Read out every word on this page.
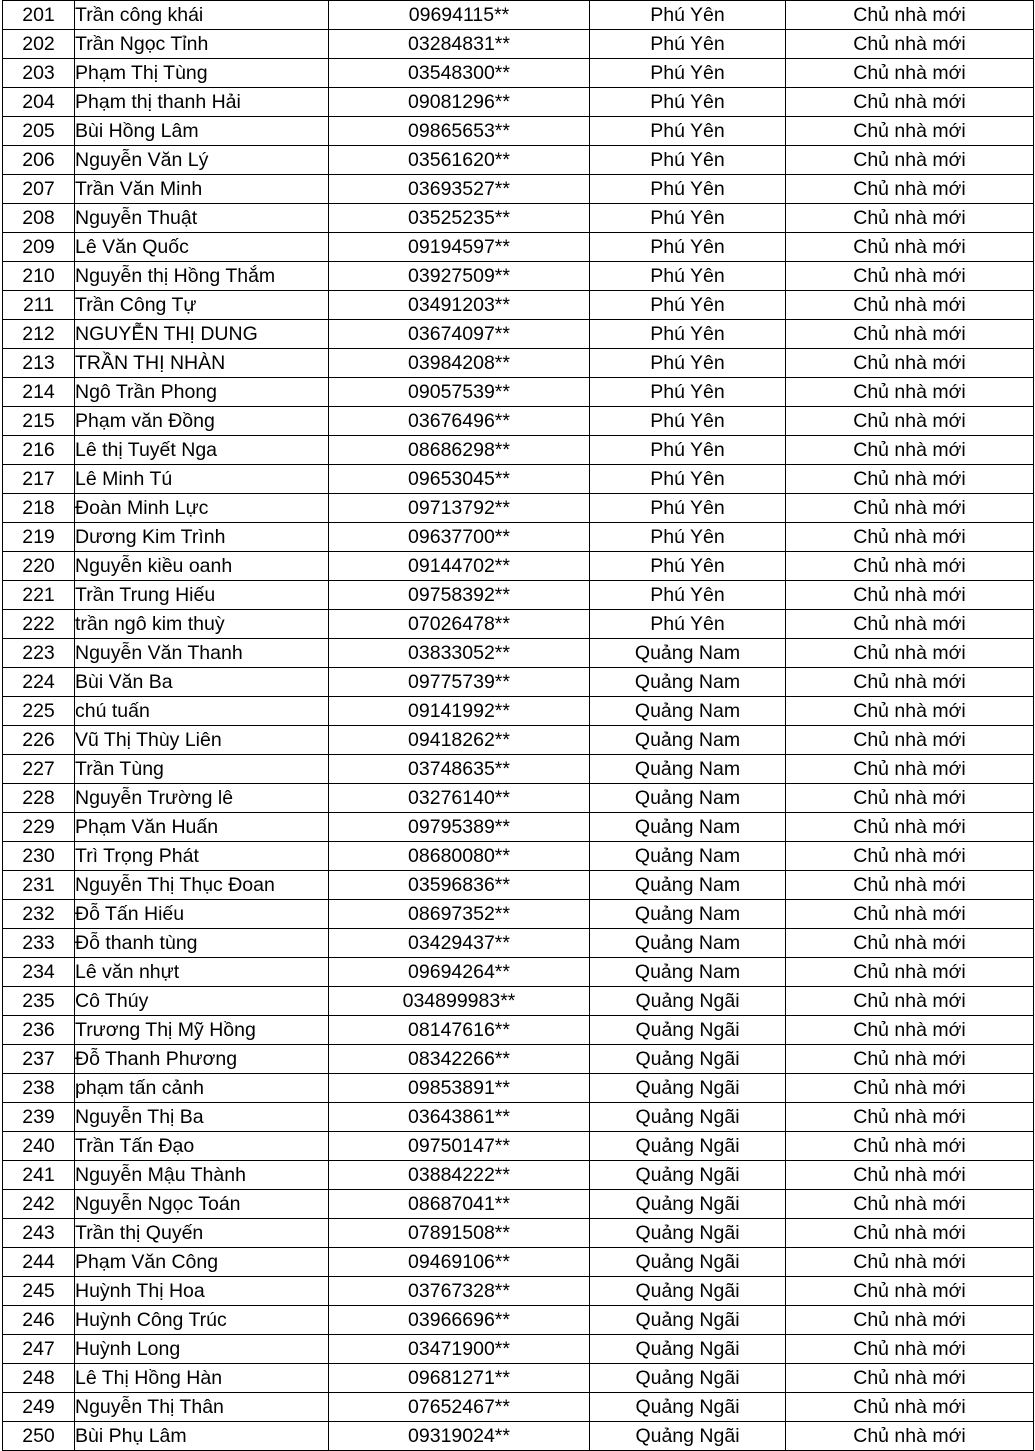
201	Trần công khái	09694115**	Phú Yên	Chủ nhà mới
202	Trần Ngọc Tỉnh	03284831**	Phú Yên	Chủ nhà mới
203	Phạm Thị Tùng	03548300**	Phú Yên	Chủ nhà mới
204	Phạm thị thanh Hải	09081296**	Phú Yên	Chủ nhà mới
205	Bùi Hồng Lâm	09865653**	Phú Yên	Chủ nhà mới
206	Nguyễn Văn Lý	03561620**	Phú Yên	Chủ nhà mới
207	Trần Văn Minh	03693527**	Phú Yên	Chủ nhà mới
208	Nguyễn Thuật	03525235**	Phú Yên	Chủ nhà mới
209	Lê Văn Quốc	09194597**	Phú Yên	Chủ nhà mới
210	Nguyễn thị Hồng Thắm	03927509**	Phú Yên	Chủ nhà mới
211	Trần Công Tự	03491203**	Phú Yên	Chủ nhà mới
212	NGUYỄN THỊ DUNG	03674097**	Phú Yên	Chủ nhà mới
213	TRẦN THỊ NHÀN	03984208**	Phú Yên	Chủ nhà mới
214	Ngô Trần Phong	09057539**	Phú Yên	Chủ nhà mới
215	Phạm văn Đồng	03676496**	Phú Yên	Chủ nhà mới
216	Lê thị Tuyết Nga	08686298**	Phú Yên	Chủ nhà mới
217	Lê Minh Tú	09653045**	Phú Yên	Chủ nhà mới
218	Đoàn Minh Lực	09713792**	Phú Yên	Chủ nhà mới
219	Dương Kim Trình	09637700**	Phú Yên	Chủ nhà mới
220	Nguyễn kiều oanh	09144702**	Phú Yên	Chủ nhà mới
221	Trần Trung Hiếu	09758392**	Phú Yên	Chủ nhà mới
222	trần ngô kim thuỳ	07026478**	Phú Yên	Chủ nhà mới
223	Nguyễn Văn Thanh	03833052**	Quảng Nam	Chủ nhà mới
224	Bùi Văn Ba	09775739**	Quảng Nam	Chủ nhà mới
225	chú tuấn	09141992**	Quảng Nam	Chủ nhà mới
226	Vũ Thị Thùy Liên	09418262**	Quảng Nam	Chủ nhà mới
227	Trần Tùng	03748635**	Quảng Nam	Chủ nhà mới
228	Nguyễn Trường lê	03276140**	Quảng Nam	Chủ nhà mới
229	Phạm Văn Huấn	09795389**	Quảng Nam	Chủ nhà mới
230	Trì Trọng Phát	08680080**	Quảng Nam	Chủ nhà mới
231	Nguyễn Thị Thục Đoan	03596836**	Quảng Nam	Chủ nhà mới
232	Đỗ Tấn Hiếu	08697352**	Quảng Nam	Chủ nhà mới
233	Đỗ thanh tùng	03429437**	Quảng Nam	Chủ nhà mới
234	Lê văn nhựt	09694264**	Quảng Nam	Chủ nhà mới
235	Cô Thúy	034899983**	Quảng Ngãi	Chủ nhà mới
236	Trương Thị Mỹ Hồng	08147616**	Quảng Ngãi	Chủ nhà mới
237	Đỗ Thanh Phương	08342266**	Quảng Ngãi	Chủ nhà mới
238	phạm tấn cảnh	09853891**	Quảng Ngãi	Chủ nhà mới
239	Nguyễn Thị Ba	03643861**	Quảng Ngãi	Chủ nhà mới
240	Trần Tấn Đạo	09750147**	Quảng Ngãi	Chủ nhà mới
241	Nguyễn Mậu Thành	03884222**	Quảng Ngãi	Chủ nhà mới
242	Nguyễn Ngọc Toán	08687041**	Quảng Ngãi	Chủ nhà mới
243	Trần thị Quyến	07891508**	Quảng Ngãi	Chủ nhà mới
244	Phạm Văn Công	09469106**	Quảng Ngãi	Chủ nhà mới
245	Huỳnh Thị Hoa	03767328**	Quảng Ngãi	Chủ nhà mới
246	Huỳnh Công Trúc	03966696**	Quảng Ngãi	Chủ nhà mới
247	Huỳnh Long	03471900**	Quảng Ngãi	Chủ nhà mới
248	Lê Thị Hồng Hàn	09681271**	Quảng Ngãi	Chủ nhà mới
249	Nguyễn Thị Thân	07652467**	Quảng Ngãi	Chủ nhà mới
250	Bùi Phụ Lâm	09319024**	Quảng Ngãi	Chủ nhà mới
